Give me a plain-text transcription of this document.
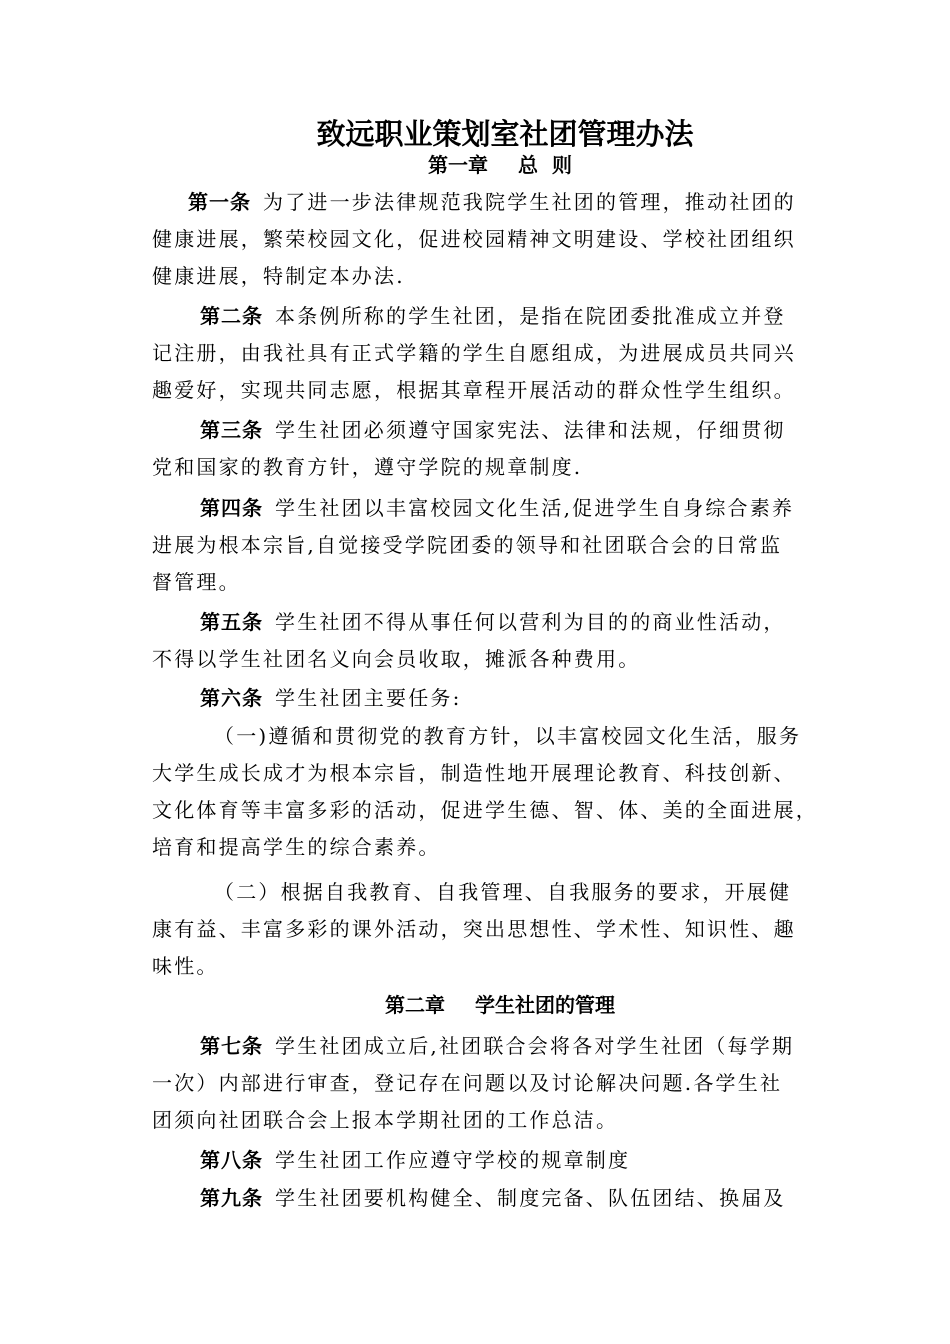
致远职业策划室社团管理办法
第一章 总  则

第一条 为了进一步法律规范我院学生社团的管理，推动社团的
健康进展，繁荣校园文化，促进校园精神文明建设、学校社团组织
健康进展，特制定本办法.

第二条 本条例所称的学生社团，是指在院团委批准成立并登
记注册，由我社具有正式学籍的学生自愿组成，为进展成员共同兴
趣爱好，实现共同志愿，根据其章程开展活动的群众性学生组织。

第三条 学生社团必须遵守国家宪法、法律和法规，仔细贯彻
党和国家的教育方针，遵守学院的规章制度.

第四条 学生社团以丰富校园文化生活,促进学生自身综合素养
进展为根本宗旨,自觉接受学院团委的领导和社团联合会的日常监
督管理。

第五条 学生社团不得从事任何以营利为目的的商业性活动，
不得以学生社团名义向会员收取，摊派各种费用。

第六条 学生社团主要任务:

（一)遵循和贯彻党的教育方针，以丰富校园文化生活，服务
大学生成长成才为根本宗旨，制造性地开展理论教育、科技创新、
文化体育等丰富多彩的活动，促进学生德、智、体、美的全面进展，
培育和提高学生的综合素养。

（二）根据自我教育、自我管理、自我服务的要求，开展健
康有益、丰富多彩的课外活动，突出思想性、学术性、知识性、趣
味性。

第二章 学生社团的管理

第七条 学生社团成立后,社团联合会将各对学生社团（每学期
一次）内部进行审查，登记存在问题以及讨论解决问题.各学生社
团须向社团联合会上报本学期社团的工作总洁。

第八条 学生社团工作应遵守学校的规章制度

第九条 学生社团要机构健全、制度完备、队伍团结、换届及
